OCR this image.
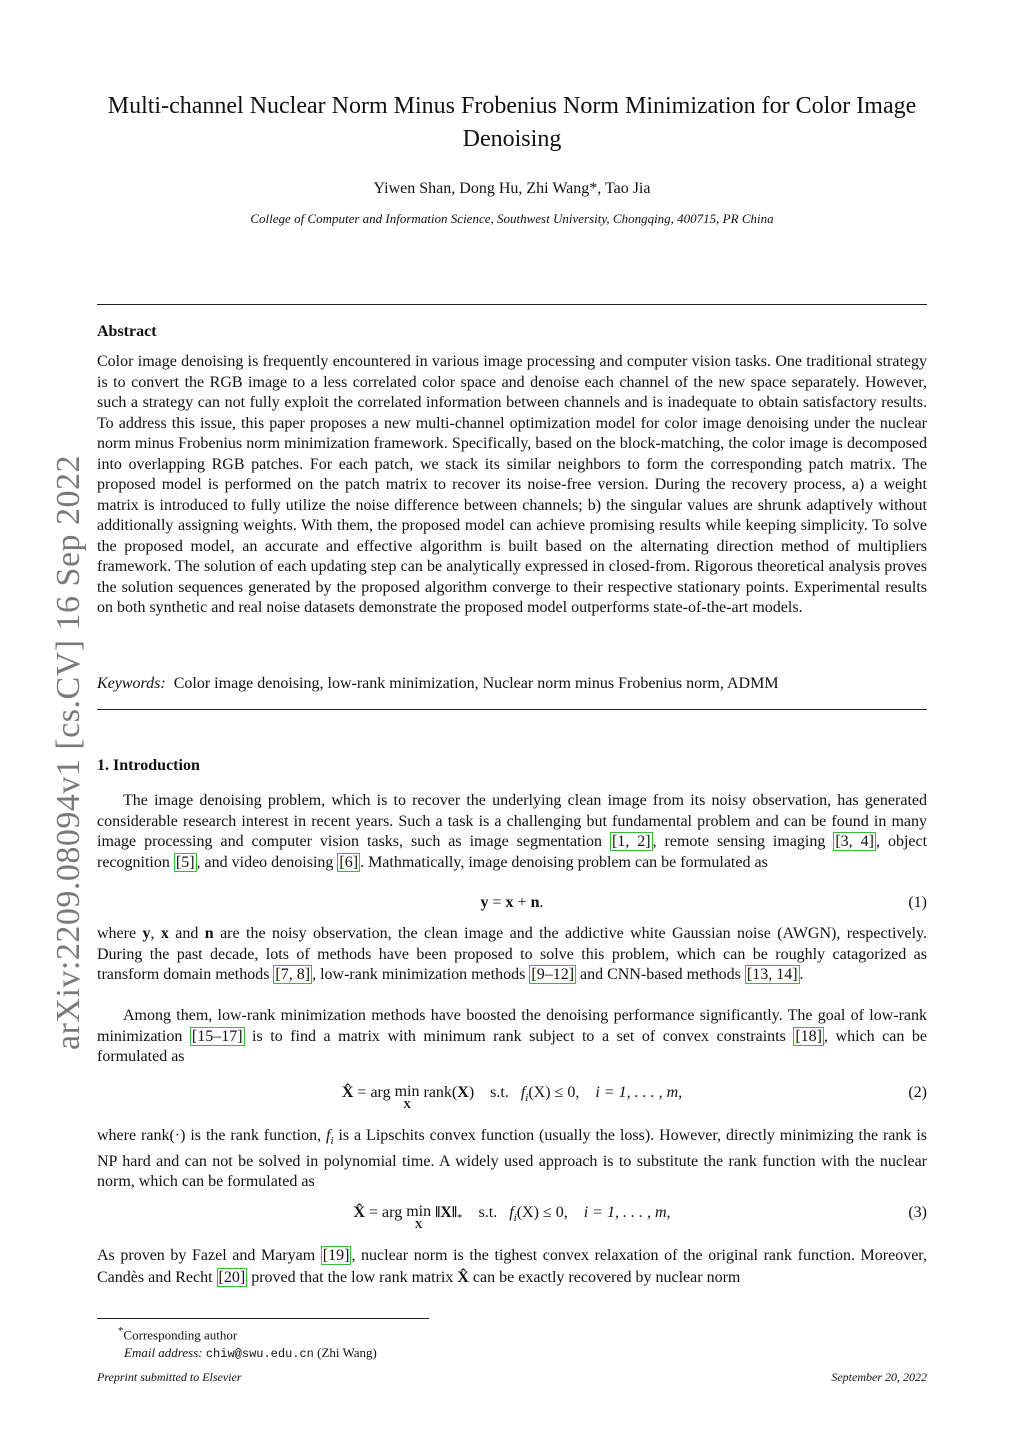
arXiv:2209.08094v1 [cs.CV] 16 Sep 2022
Multi-channel Nuclear Norm Minus Frobenius Norm Minimization for Color Image Denoising
Yiwen Shan, Dong Hu, Zhi Wang*, Tao Jia
College of Computer and Information Science, Southwest University, Chongqing, 400715, PR China
Abstract

Color image denoising is frequently encountered in various image processing and computer vision tasks. One traditional strategy is to convert the RGB image to a less correlated color space and denoise each channel of the new space separately. However, such a strategy can not fully exploit the correlated information between channels and is inadequate to obtain satisfactory results. To address this issue, this paper proposes a new multi-channel optimization model for color image denoising under the nuclear norm minus Frobenius norm minimization framework. Specifically, based on the block-matching, the color image is decomposed into overlapping RGB patches. For each patch, we stack its similar neighbors to form the corresponding patch matrix. The proposed model is performed on the patch matrix to recover its noise-free version. During the recovery process, a) a weight matrix is introduced to fully utilize the noise difference between channels; b) the singular values are shrunk adaptively without additionally assigning weights. With them, the proposed model can achieve promising results while keeping simplicity. To solve the proposed model, an accurate and effective algorithm is built based on the alternating direction method of multipliers framework. The solution of each updating step can be analytically expressed in closed-from. Rigorous theoretical analysis proves the solution sequences generated by the proposed algorithm converge to their respective stationary points. Experimental results on both synthetic and real noise datasets demonstrate the proposed model outperforms state-of-the-art models.

Keywords: Color image denoising, low-rank minimization, Nuclear norm minus Frobenius norm, ADMM

1. Introduction

The image denoising problem, which is to recover the underlying clean image from its noisy observation, has generated considerable research interest in recent years. Such a task is a challenging but fundamental problem and can be found in many image processing and computer vision tasks, such as image segmentation [1, 2] , remote sensing imaging [3, 4] , object recognition [5] , and video denoising [6] . Mathmatically, image denoising problem can be formulated as

y = x + n.	(1)

where y, x and n are the noisy observation, the clean image and the addictive white Gaussian noise (AWGN), respectively. During the past decade, lots of methods have been proposed to solve this problem, which can be roughly catagorized as transform domain methods [7, 8] , low-rank minimization methods [9–12] and CNN-based methods [13, 14] .

Among them, low-rank minimization methods have boosted the denoising performance significantly. The goal of low-rank minimization [15–17] is to find a matrix with minimum rank subject to a set of convex constraints [18] , which can be formulated as

X̂ = arg min
X
rank(X) s.t. $f_i(X) \le 0$, i = 1, . . . , m,	(2)

where rank(·) is the rank function, $f_i$ is a Lipschits convex function (usually the loss). However, directly minimizing the rank is NP hard and can not be solved in polynomial time. A widely used approach is to substitute the rank function with the nuclear norm, which can be formulated as

X̂ = arg min
X
$‖X‖_*$ s.t. $f_i(X) \le 0$, i = 1, . . . , m,	(3)

As proven by Fazel and Maryam [19] , nuclear norm is the tighest convex relaxation of the original rank function. Moreover, Candès and Recht [20] proved that the low rank matrix X̂ can be exactly recovered by nuclear norm

*Corresponding author
Email address: chiw@swu.edu.cn (Zhi Wang)
Preprint submitted to Elsevier	September 20, 2022
